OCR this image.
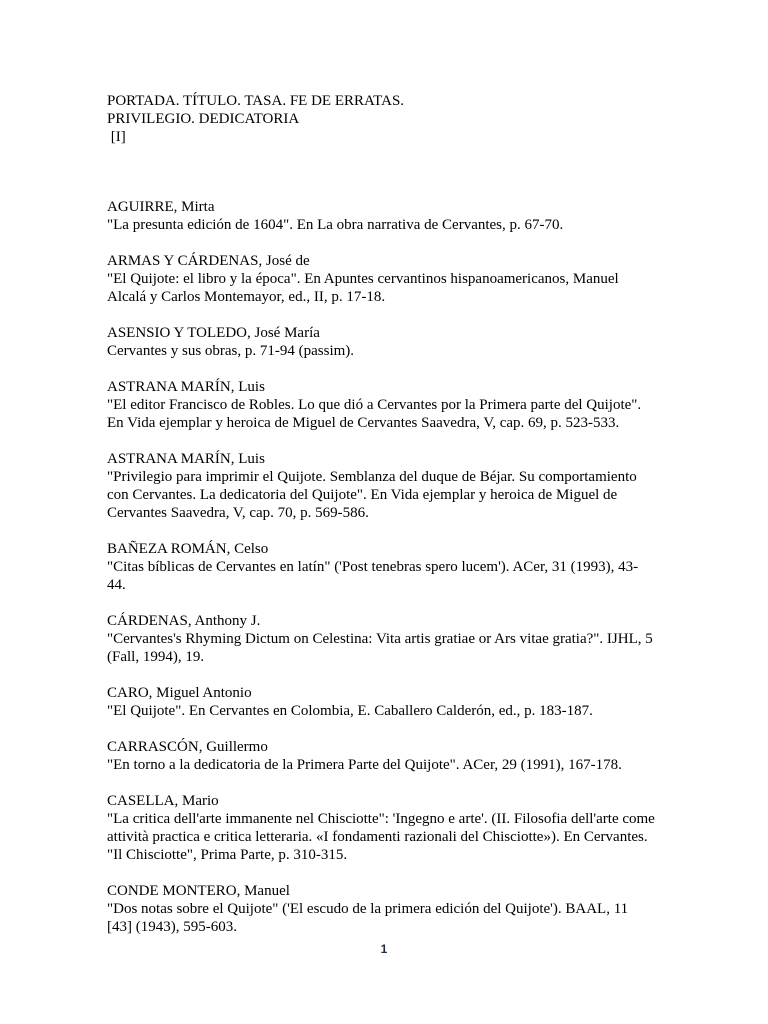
PORTADA. TÍTULO. TASA. FE DE ERRATAS.
PRIVILEGIO. DEDICATORIA
[I]
AGUIRRE, Mirta
"La presunta edición de 1604". En La obra narrativa de Cervantes, p. 67-70.
ARMAS Y CÁRDENAS, José de
"El Quijote: el libro y la época". En Apuntes cervantinos hispanoamericanos, Manuel Alcalá y Carlos Montemayor, ed., II, p. 17-18.
ASENSIO Y TOLEDO, José María
Cervantes y sus obras, p. 71-94 (passim).
ASTRANA MARÍN, Luis
"El editor Francisco de Robles. Lo que dió a Cervantes por la Primera parte del Quijote". En Vida ejemplar y heroica de Miguel de Cervantes Saavedra, V, cap. 69, p. 523-533.
ASTRANA MARÍN, Luis
"Privilegio para imprimir el Quijote. Semblanza del duque de Béjar. Su comportamiento con Cervantes. La dedicatoria del Quijote". En Vida ejemplar y heroica de Miguel de Cervantes Saavedra, V, cap. 70, p. 569-586.
BAÑEZA ROMÁN, Celso
"Citas bíblicas de Cervantes en latín" ('Post tenebras spero lucem'). ACer, 31 (1993), 43-44.
CÁRDENAS, Anthony J.
"Cervantes's Rhyming Dictum on Celestina: Vita artis gratiae or Ars vitae gratia?". IJHL, 5 (Fall, 1994), 19.
CARO, Miguel Antonio
"El Quijote". En Cervantes en Colombia, E. Caballero Calderón, ed., p. 183-187.
CARRASCÓN, Guillermo
"En torno a la dedicatoria de la Primera Parte del Quijote". ACer, 29 (1991), 167-178.
CASELLA, Mario
"La critica dell'arte immanente nel Chisciotte": 'Ingegno e arte'. (II. Filosofia dell'arte come attività practica e critica letteraria. «I fondamenti razionali del Chisciotte»). En Cervantes. "Il Chisciotte", Prima Parte, p. 310-315.
CONDE MONTERO, Manuel
"Dos notas sobre el Quijote" ('El escudo de la primera edición del Quijote'). BAAL, 11 [43] (1943), 595-603.
1
